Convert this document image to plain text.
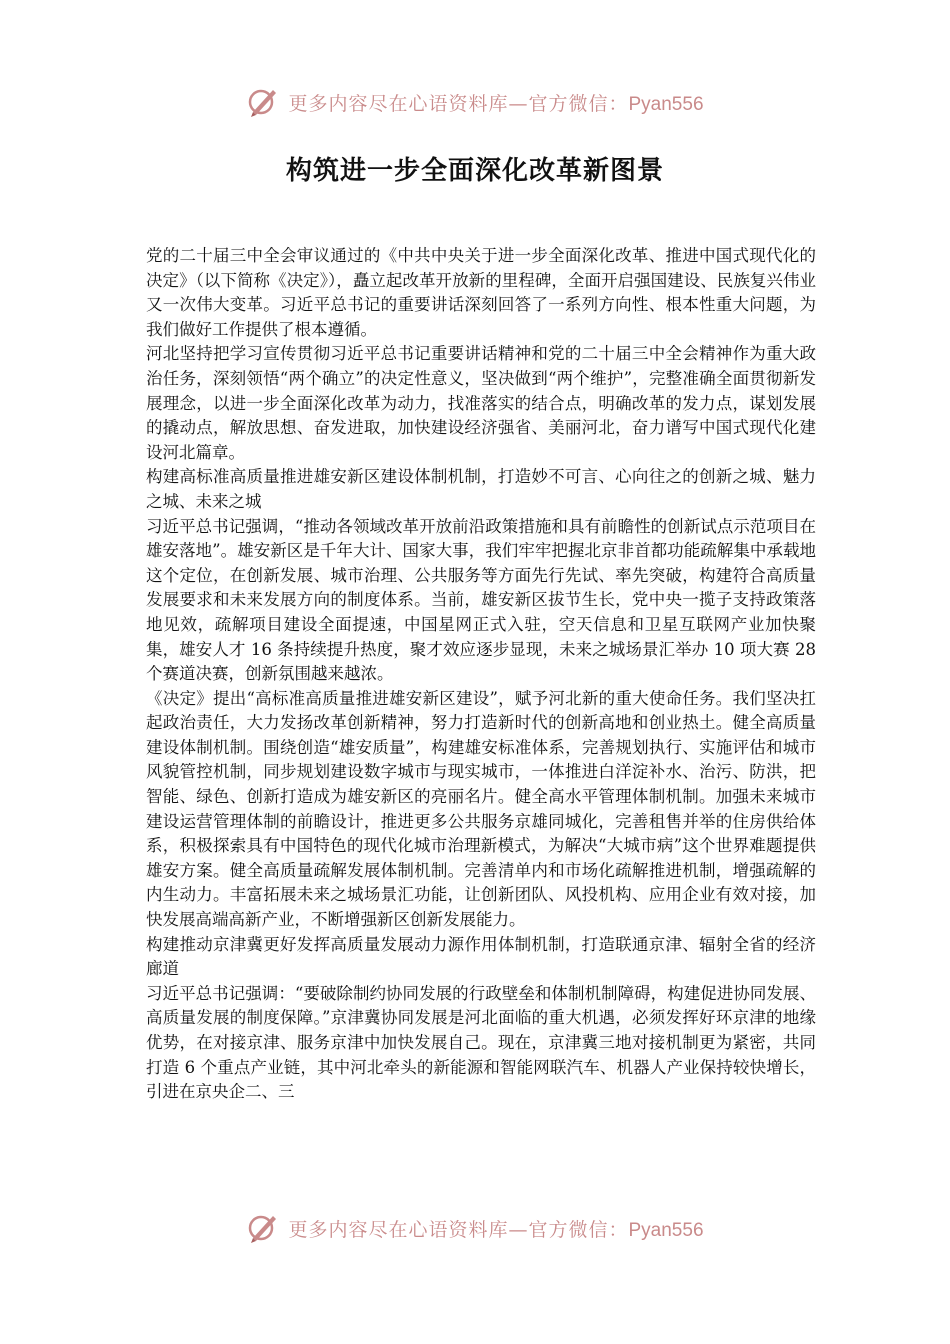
更多内容尽在心语资料库—官方微信：Pyan556
构筑进一步全面深化改革新图景

党的二十届三中全会审议通过的《中共中央关于进一步全面深化改革、推进中国式现代化的决定》（以下简称《决定》），矗立起改革开放新的里程碑，全面开启强国建设、民族复兴伟业又一次伟大变革。习近平总书记的重要讲话深刻回答了一系列方向性、根本性重大问题，为我们做好工作提供了根本遵循。

河北坚持把学习宣传贯彻习近平总书记重要讲话精神和党的二十届三中全会精神作为重大政治任务，深刻领悟“两个确立”的决定性意义，坚决做到“两个维护”，完整准确全面贯彻新发展理念，以进一步全面深化改革为动力，找准落实的结合点，明确改革的发力点，谋划发展的撬动点，解放思想、奋发进取，加快建设经济强省、美丽河北，奋力谱写中国式现代化建设河北篇章。

构建高标准高质量推进雄安新区建设体制机制，打造妙不可言、心向往之的创新之城、魅力之城、未来之城

习近平总书记强调，“推动各领域改革开放前沿政策措施和具有前瞻性的创新试点示范项目在雄安落地”。雄安新区是千年大计、国家大事，我们牢牢把握北京非首都功能疏解集中承载地这个定位，在创新发展、城市治理、公共服务等方面先行先试、率先突破，构建符合高质量发展要求和未来发展方向的制度体系。当前，雄安新区拔节生长，党中央一揽子支持政策落地见效，疏解项目建设全面提速，中国星网正式入驻，空天信息和卫星互联网产业加快聚集，雄安人才 16 条持续提升热度，聚才效应逐步显现，未来之城场景汇举办 10 项大赛 28 个赛道决赛，创新氛围越来越浓。

《决定》提出“高标准高质量推进雄安新区建设”，赋予河北新的重大使命任务。我们坚决扛起政治责任，大力发扬改革创新精神，努力打造新时代的创新高地和创业热土。健全高质量建设体制机制。围绕创造“雄安质量”，构建雄安标准体系，完善规划执行、实施评估和城市风貌管控机制，同步规划建设数字城市与现实城市，一体推进白洋淀补水、治污、防洪，把智能、绿色、创新打造成为雄安新区的亮丽名片。健全高水平管理体制机制。加强未来城市建设运营管理体制的前瞻设计，推进更多公共服务京雄同城化，完善租售并举的住房供给体系，积极探索具有中国特色的现代化城市治理新模式，为解决“大城市病”这个世界难题提供雄安方案。健全高质量疏解发展体制机制。完善清单内和市场化疏解推进机制，增强疏解的内生动力。丰富拓展未来之城场景汇功能，让创新团队、风投机构、应用企业有效对接，加快发展高端高新产业，不断增强新区创新发展能力。

构建推动京津冀更好发挥高质量发展动力源作用体制机制，打造联通京津、辐射全省的经济廊道

习近平总书记强调：“要破除制约协同发展的行政壁垒和体制机制障碍，构建促进协同发展、高质量发展的制度保障。”京津冀协同发展是河北面临的重大机遇，必须发挥好环京津的地缘优势，在对接京津、服务京津中加快发展自己。现在，京津冀三地对接机制更为紧密，共同打造 6 个重点产业链，其中河北牵头的新能源和智能网联汽车、机器人产业保持较快增长，引进在京央企二、三

更多内容尽在心语资料库—官方微信：Pyan556
